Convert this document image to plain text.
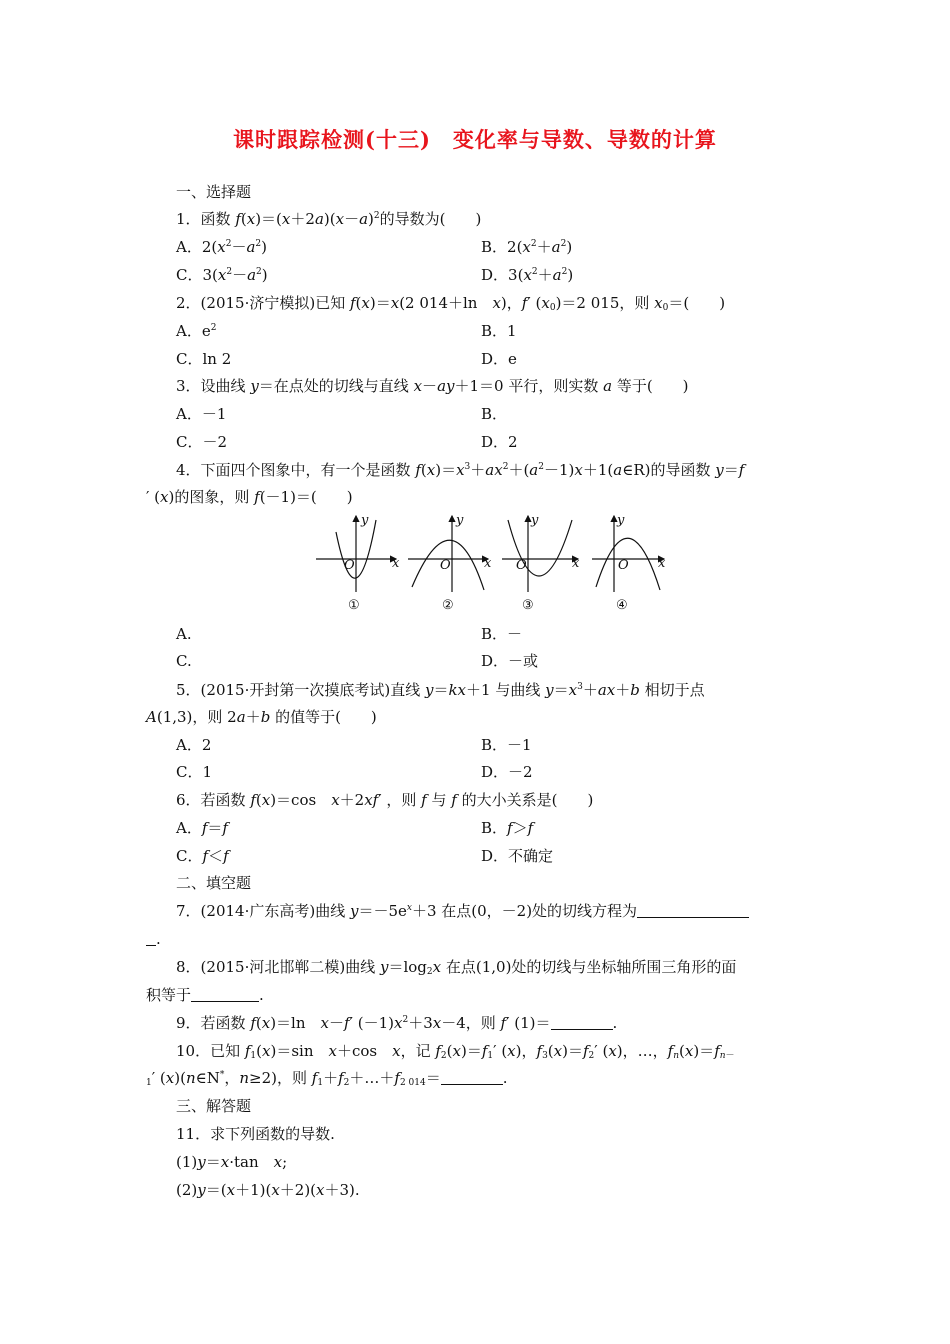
课时跟踪检测(十三)　变化率与导数、导数的计算
一、选择题
1．函数 $f(x)=(x+2a)(x-a)^2$的导数为(　　)
A．$2(x^2-a^2)$	B．$2(x^2+a^2)$
C．$3(x^2-a^2)$	D．$3(x^2+a^2)$
2．(2015·济宁模拟)已知 f(x)＝x(2 014＋ln　x)，f′ $(x_0)=2$ 015，则 $x_0=$(　　)
A．$e^2$	B．1
C．ln 2	D．e
3．设曲线 y＝在点处的切线与直线 x－ay＋1＝0 平行，则实数 a 等于(　　)
A．－1	B．
C．－2	D．2
4．下面四个图象中，有一个是函数 $f(x)=x^3+ax^2+(a^2-1)x+1(a\in R)$的导函数 y＝f
′ (x)的图象，则 f(－1)＝(　　)
y
x
O
y
x
O
y
x
O
y
x
O
①	②	③	④
A.	B．－
C.	D．－或
5．(2015·开封第一次摸底考试)直线 y＝kx＋1 与曲线 $y=x^3+ax+b$ 相切于点
A(1,3)，则 2a＋b 的值等于(　　)
A．2	B．－1
C．1	D．－2
6．若函数 f(x)＝cos　x＋2xf′ ，则 f 与 f 的大小关系是(　　)
A．f＝f	B．f＞f
C．f＜f	D．不确定
二、填空题
7．(2014·广东高考)曲线 $y=-5e^x+3$ 在点(0，－2)处的切线方程为
.
8．(2015·河北邯郸二模)曲线 $y=\log_2x$ 在点(1,0)处的切线与坐标轴所围三角形的面
积等于	.
9．若函数 f(x)＝ln　x－f′ $(-1)x^2+3x-4$，则 f′ (1)＝	.
10．已知 $f_1(x)=\sin$　x＋cos　x，记 $f_2(x)=f_1'$ (x)，$f_3(x)=f_2'$ (x)，…，$f_n(x)=f_{n-}$
$_1$′ (x)(n∈N*，n≥2)，则 $f_1+f_2+\dots+f_{2 014}=$	.
三、解答题
11．求下列函数的导数.
(1)y＝x·tan　x;
(2)y＝(x＋1)(x＋2)(x＋3).
